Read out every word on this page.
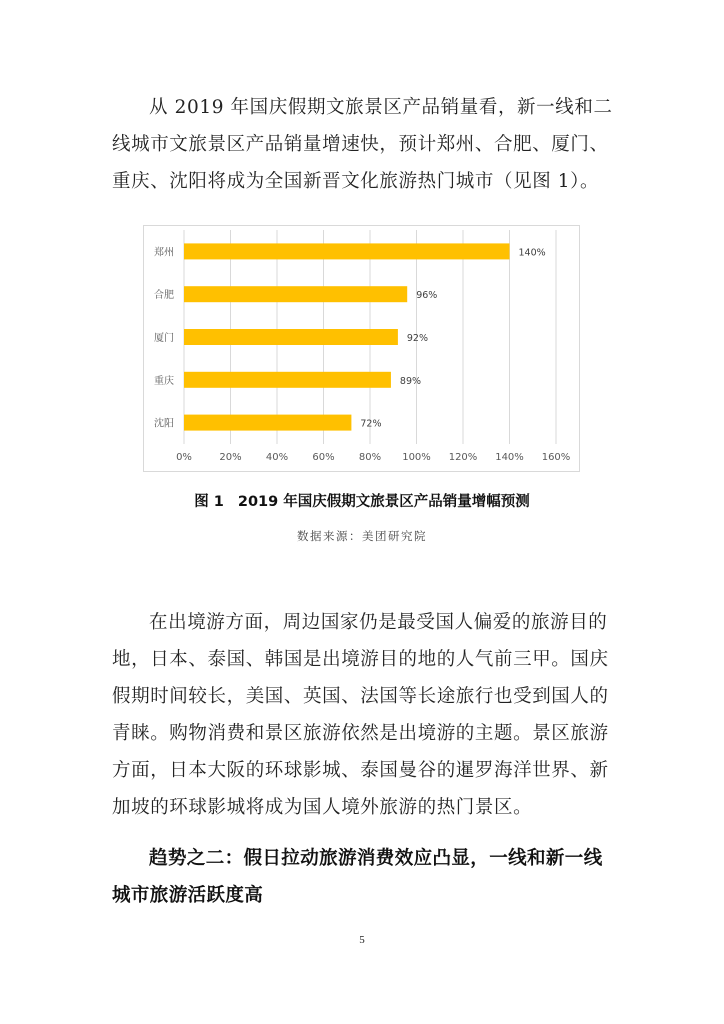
从 2019 年国庆假期文旅景区产品销量看，新一线和二
线城市文旅景区产品销量增速快，预计郑州、合肥、厦门、
重庆、沈阳将成为全国新晋文化旅游热门城市（见图 1）。
0%	20% 40% 60% 80% 100% 120% 140% 160%
郑州	140%
合肥	96%
厦门	92%
重庆	89%
沈阳	72%
图 1 2019 年国庆假期文旅景区产品销量增幅预测
数据来源：美团研究院
在出境游方面，周边国家仍是最受国人偏爱的旅游目的
地，日本、泰国、韩国是出境游目的地的人气前三甲。国庆
假期时间较长，美国、英国、法国等长途旅行也受到国人的
青睐。购物消费和景区旅游依然是出境游的主题。景区旅游
方面，日本大阪的环球影城、泰国曼谷的暹罗海洋世界、新
加坡的环球影城将成为国人境外旅游的热门景区。
趋势之二：假日拉动旅游消费效应凸显，一线和新一线
城市旅游活跃度高
5
